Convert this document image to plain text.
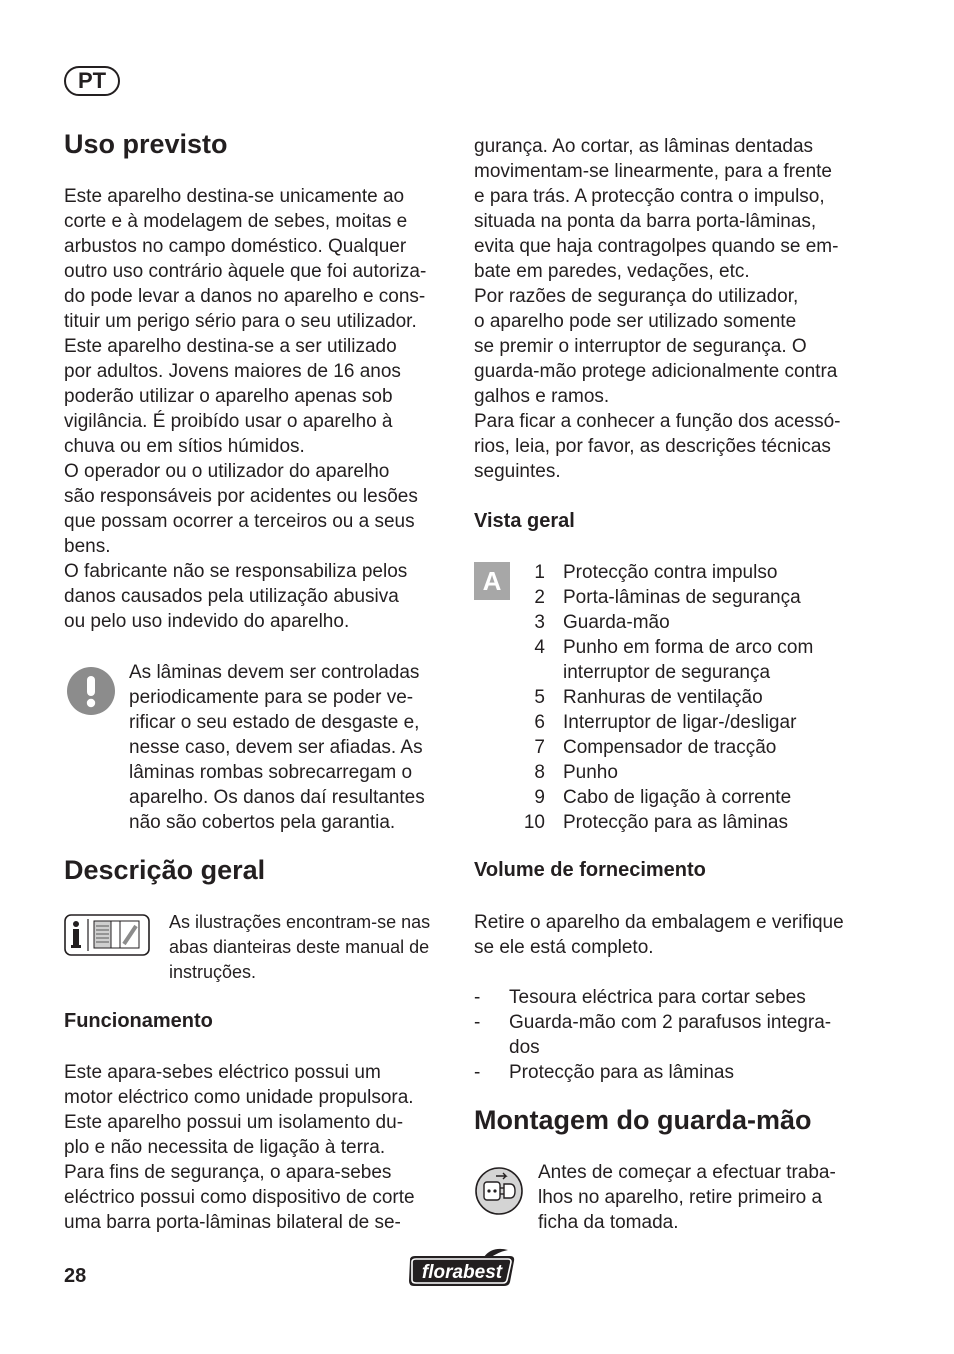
PT
Uso previsto

Este aparelho destina-se unicamente ao

corte e à modelagem de sebes, moitas e

arbustos no campo doméstico. Qualquer

outro uso contrário àquele que foi autoriza-

do pode levar a danos no aparelho e cons-

tituir um perigo sério para o seu utilizador.

Este aparelho destina-se a ser utilizado

por adultos. Jovens maiores de 16 anos

poderão utilizar o aparelho apenas sob

vigilância. É proibído usar o aparelho à

chuva ou em sítios húmidos.

O operador ou o utilizador do aparelho

são responsáveis por acidentes ou lesões

que possam ocorrer a terceiros ou a seus

bens.

O fabricante não se responsabiliza pelos

danos causados pela utilização abusiva

ou pelo uso indevido do aparelho.

As lâminas devem ser controladas

periodicamente para se poder ve-

rificar o seu estado de desgaste e,

nesse caso, devem ser afiadas. As

lâminas rombas sobrecarregam o

aparelho. Os danos daí resultantes

não são cobertos pela garantia.

Descrição geral

As ilustrações encontram-se nas

abas dianteiras deste manual de

instruções.

Funcionamento

Este apara-sebes eléctrico possui um

motor eléctrico como unidade propulsora.

Este aparelho possui um isolamento du-

plo e não necessita de ligação à terra.

Para fins de segurança, o apara-sebes

eléctrico possui como dispositivo de corte

uma barra porta-lâminas bilateral de se-

gurança. Ao cortar, as lâminas dentadas

movimentam-se linearmente, para a frente

e para trás. A protecção contra o impulso,

situada na ponta da barra porta-lâminas,

evita que haja contragolpes quando se em-

bate em paredes, vedações, etc.

Por razões de segurança do utilizador,

o aparelho pode ser utilizado somente

se premir o interruptor de segurança. O

guarda-mão protege adicionalmente contra

galhos e ramos.

Para ficar a conhecer a função dos acessó-

rios, leia, por favor, as descrições técnicas

seguintes.

Vista geral
A	1 Protecção contra impulso
2 Porta-lâminas de segurança
3 Guarda-mão
4 Punho em forma de arco com
interruptor de segurança
5 Ranhuras de ventilação
6 Interruptor de ligar-/desligar
7 Compensador de tracção
8 Punho
9 Cabo de ligação à corrente
10 Protecção para as lâminas
Volume de fornecimento

Retire o aparelho da embalagem e verifique

se ele está completo.

-	Tesoura eléctrica para cortar sebes
-	Guarda-mão com 2 parafusos integra-
dos
-	Protecção para as lâminas
Montagem do guarda-mão

Antes de começar a efectuar traba-

lhos no aparelho, retire primeiro a

ficha da tomada.

28	florabest
